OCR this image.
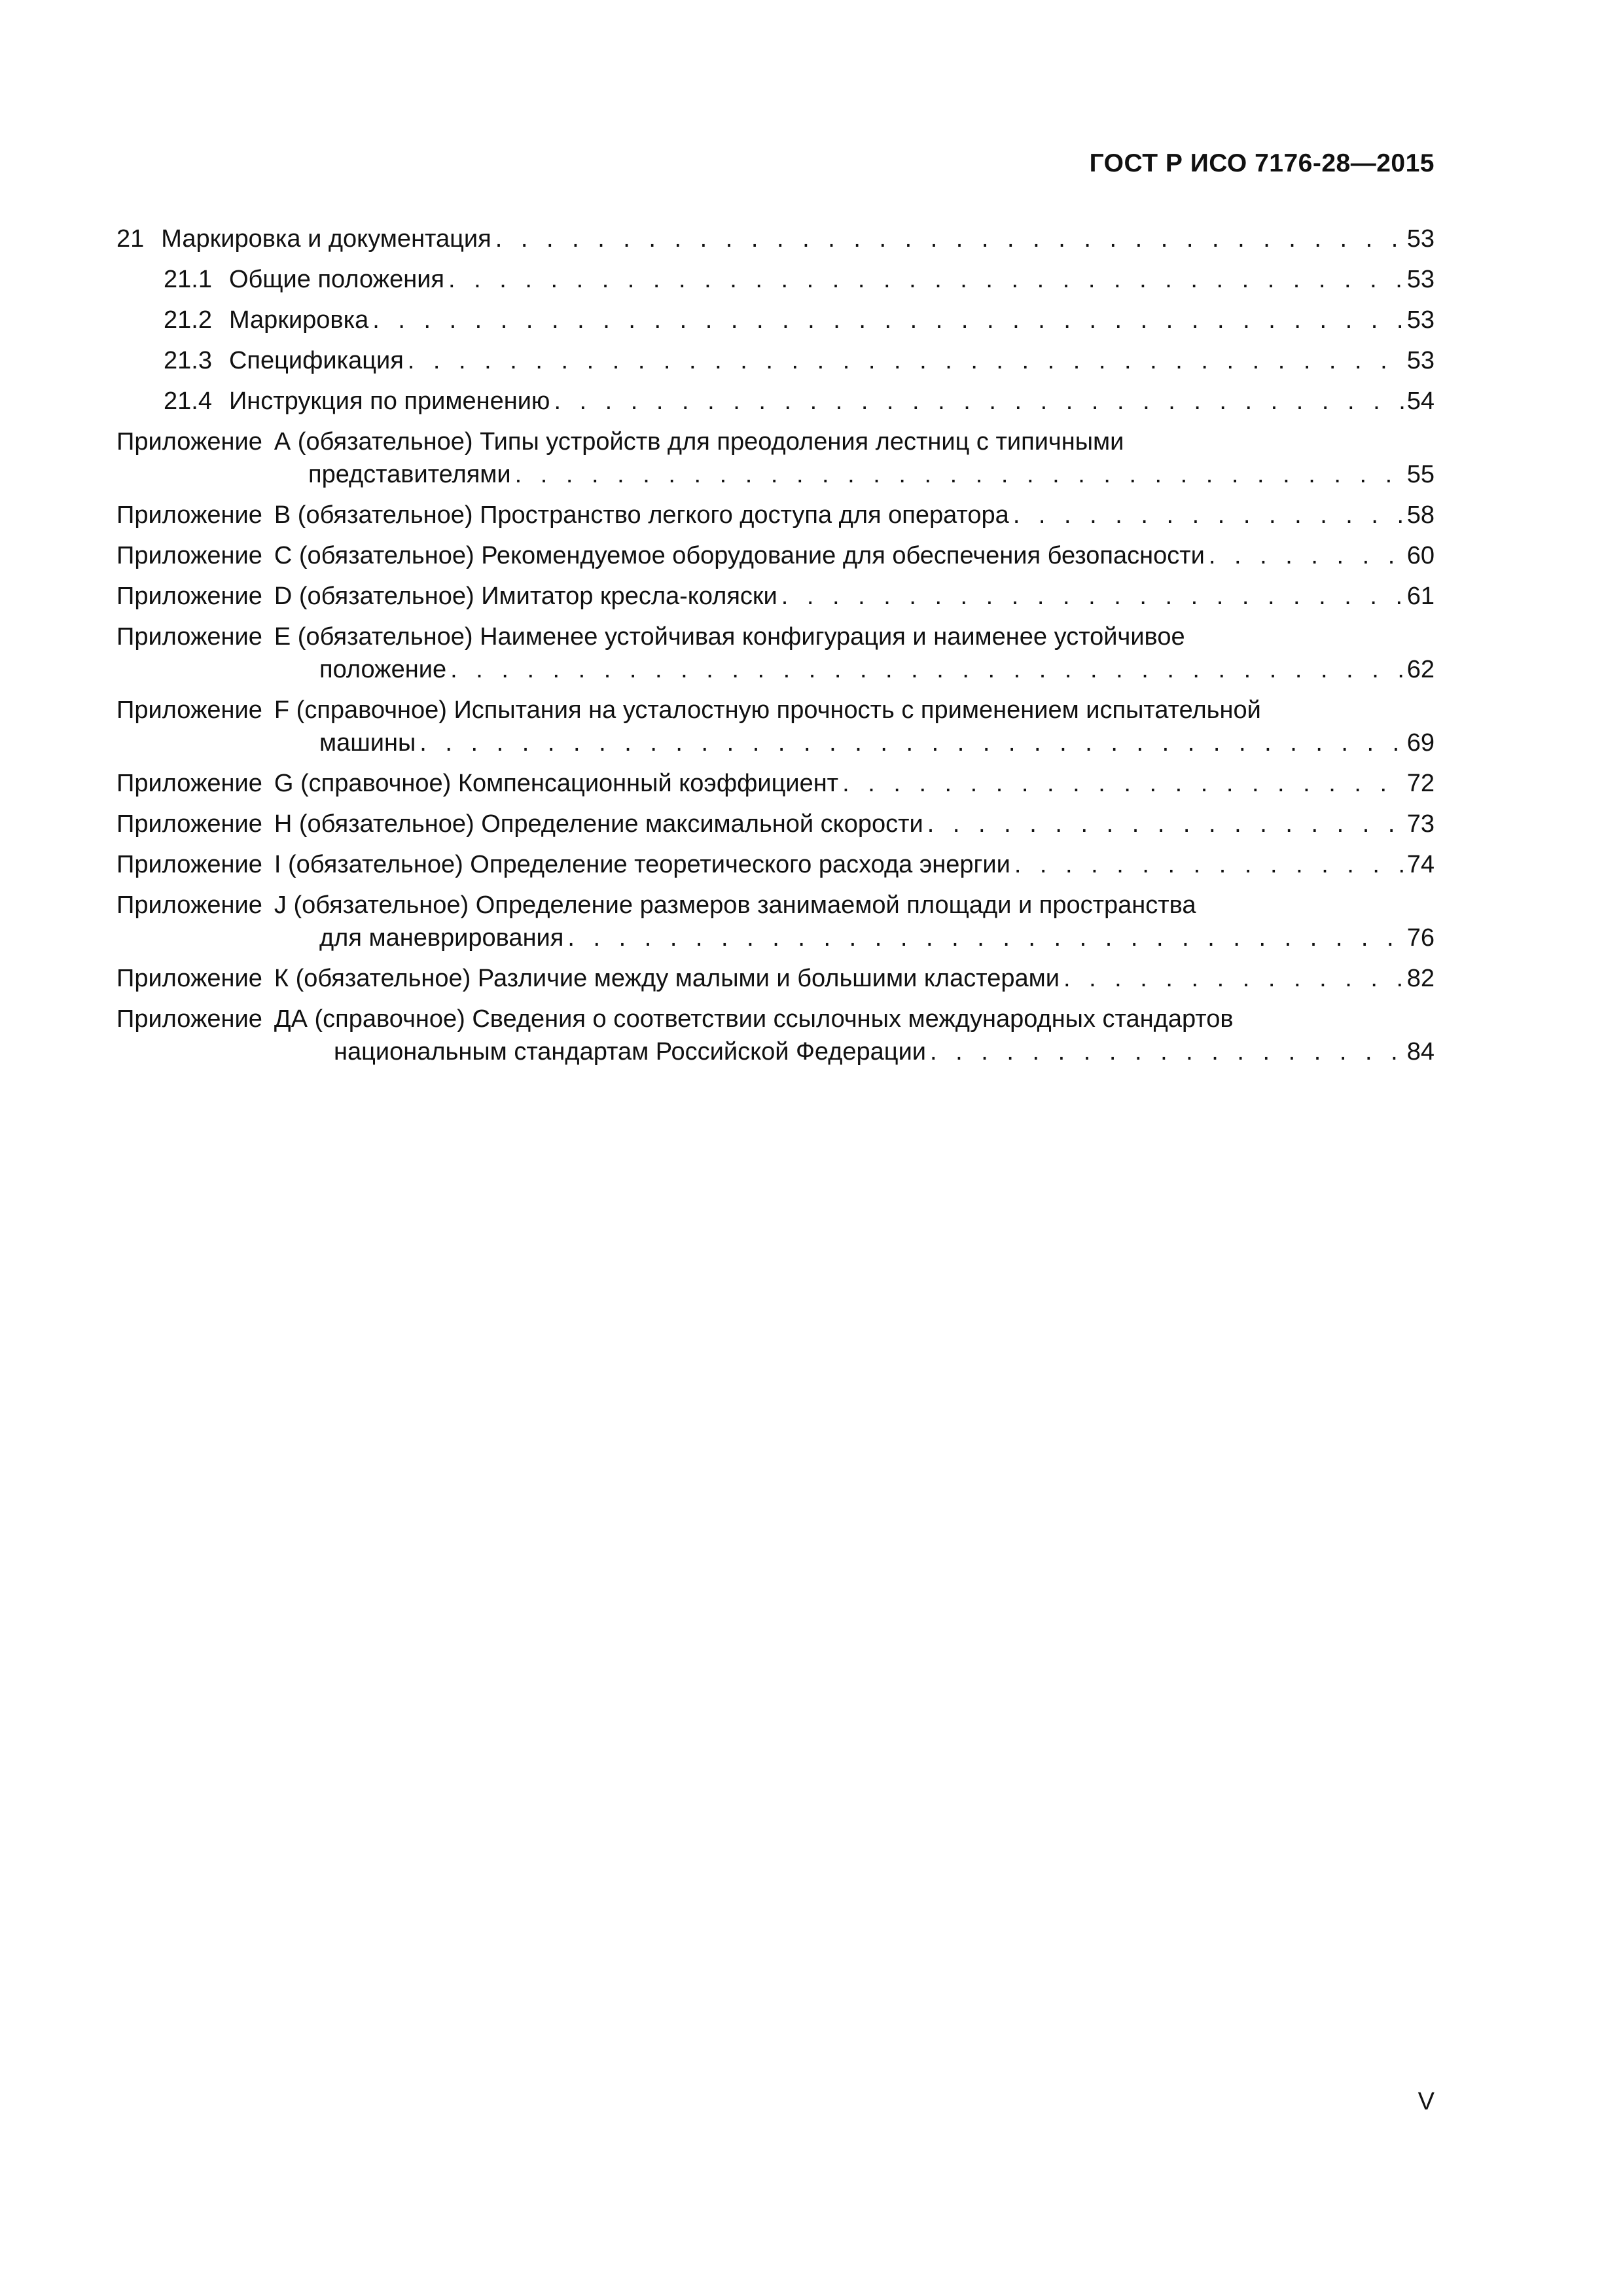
ГОСТ Р ИСО 7176-28—2015
21 Маркировка и документация . . .	53
21.1 Общие положения . . .	53
21.2 Маркировка . . .	53
21.3 Спецификация . . .	53
21.4 Инструкция по применению . . .	54
Приложение А (обязательное) Типы устройств для преодоления лестниц с типичными
представителями . . .	55
Приложение В (обязательное) Пространство легкого доступа для оператора . . .	58
Приложение С (обязательное) Рекомендуемое оборудование для обеспечения безопасности . . .	60
Приложение D (обязательное) Имитатор кресла-коляски . . .	61
Приложение Е (обязательное) Наименее устойчивая конфигурация и наименее устойчивое
положение . . .	62
Приложение F (справочное) Испытания на усталостную прочность с применением испытательной
машины . . .	69
Приложение G (справочное) Компенсационный коэффициент . . .	72
Приложение Н (обязательное) Определение максимальной скорости . . .	73
Приложение I (обязательное) Определение теоретического расхода энергии . . .	74
Приложение J (обязательное) Определение размеров занимаемой площади и пространства
для маневрирования . . .	76
Приложение К (обязательное) Различие между малыми и большими кластерами . . .	82
Приложение ДА (справочное) Сведения о соответствии ссылочных международных стандартов
национальным стандартам Российской Федерации . . .	84
V
